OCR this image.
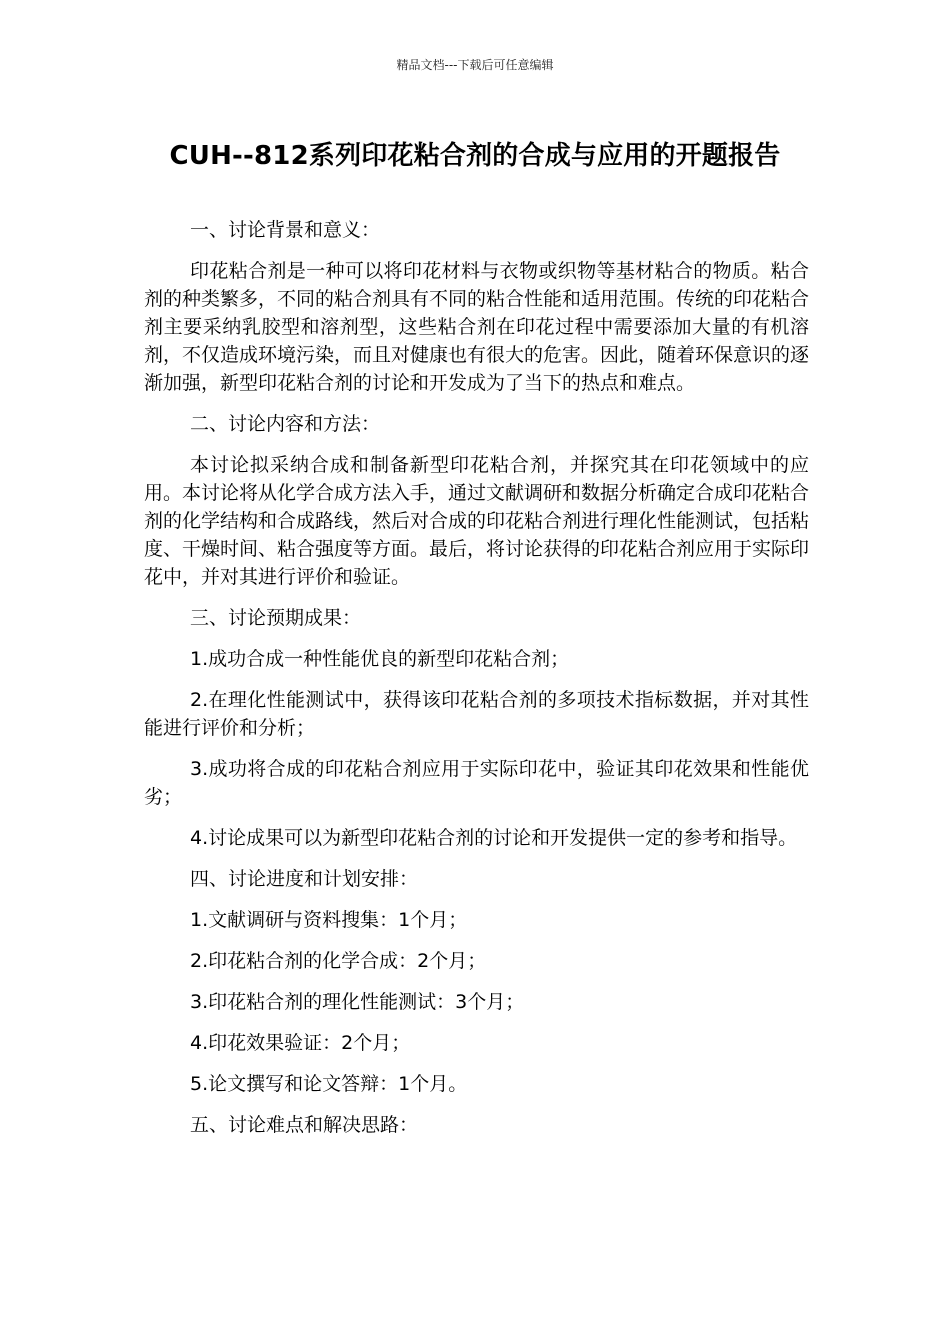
精品文档---下载后可任意编辑
CUH--812系列印花粘合剂的合成与应用的开题报告

一、讨论背景和意义：

印花粘合剂是一种可以将印花材料与衣物或织物等基材粘合的物质。粘合剂的种类繁多，不同的粘合剂具有不同的粘合性能和适用范围。传统的印花粘合剂主要采纳乳胶型和溶剂型，这些粘合剂在印花过程中需要添加大量的有机溶剂，不仅造成环境污染，而且对健康也有很大的危害。因此，随着环保意识的逐渐加强，新型印花粘合剂的讨论和开发成为了当下的热点和难点。

二、讨论内容和方法：

本讨论拟采纳合成和制备新型印花粘合剂，并探究其在印花领域中的应用。本讨论将从化学合成方法入手，通过文献调研和数据分析确定合成印花粘合剂的化学结构和合成路线，然后对合成的印花粘合剂进行理化性能测试，包括粘度、干燥时间、粘合强度等方面。最后，将讨论获得的印花粘合剂应用于实际印花中，并对其进行评价和验证。

三、讨论预期成果：

1.成功合成一种性能优良的新型印花粘合剂；

2.在理化性能测试中，获得该印花粘合剂的多项技术指标数据，并对其性能进行评价和分析；

3.成功将合成的印花粘合剂应用于实际印花中，验证其印花效果和性能优劣；

4.讨论成果可以为新型印花粘合剂的讨论和开发提供一定的参考和指导。

四、讨论进度和计划安排：

1.文献调研与资料搜集：1个月；

2.印花粘合剂的化学合成：2个月；

3.印花粘合剂的理化性能测试：3个月；

4.印花效果验证：2个月；

5.论文撰写和论文答辩：1个月。

五、讨论难点和解决思路：
